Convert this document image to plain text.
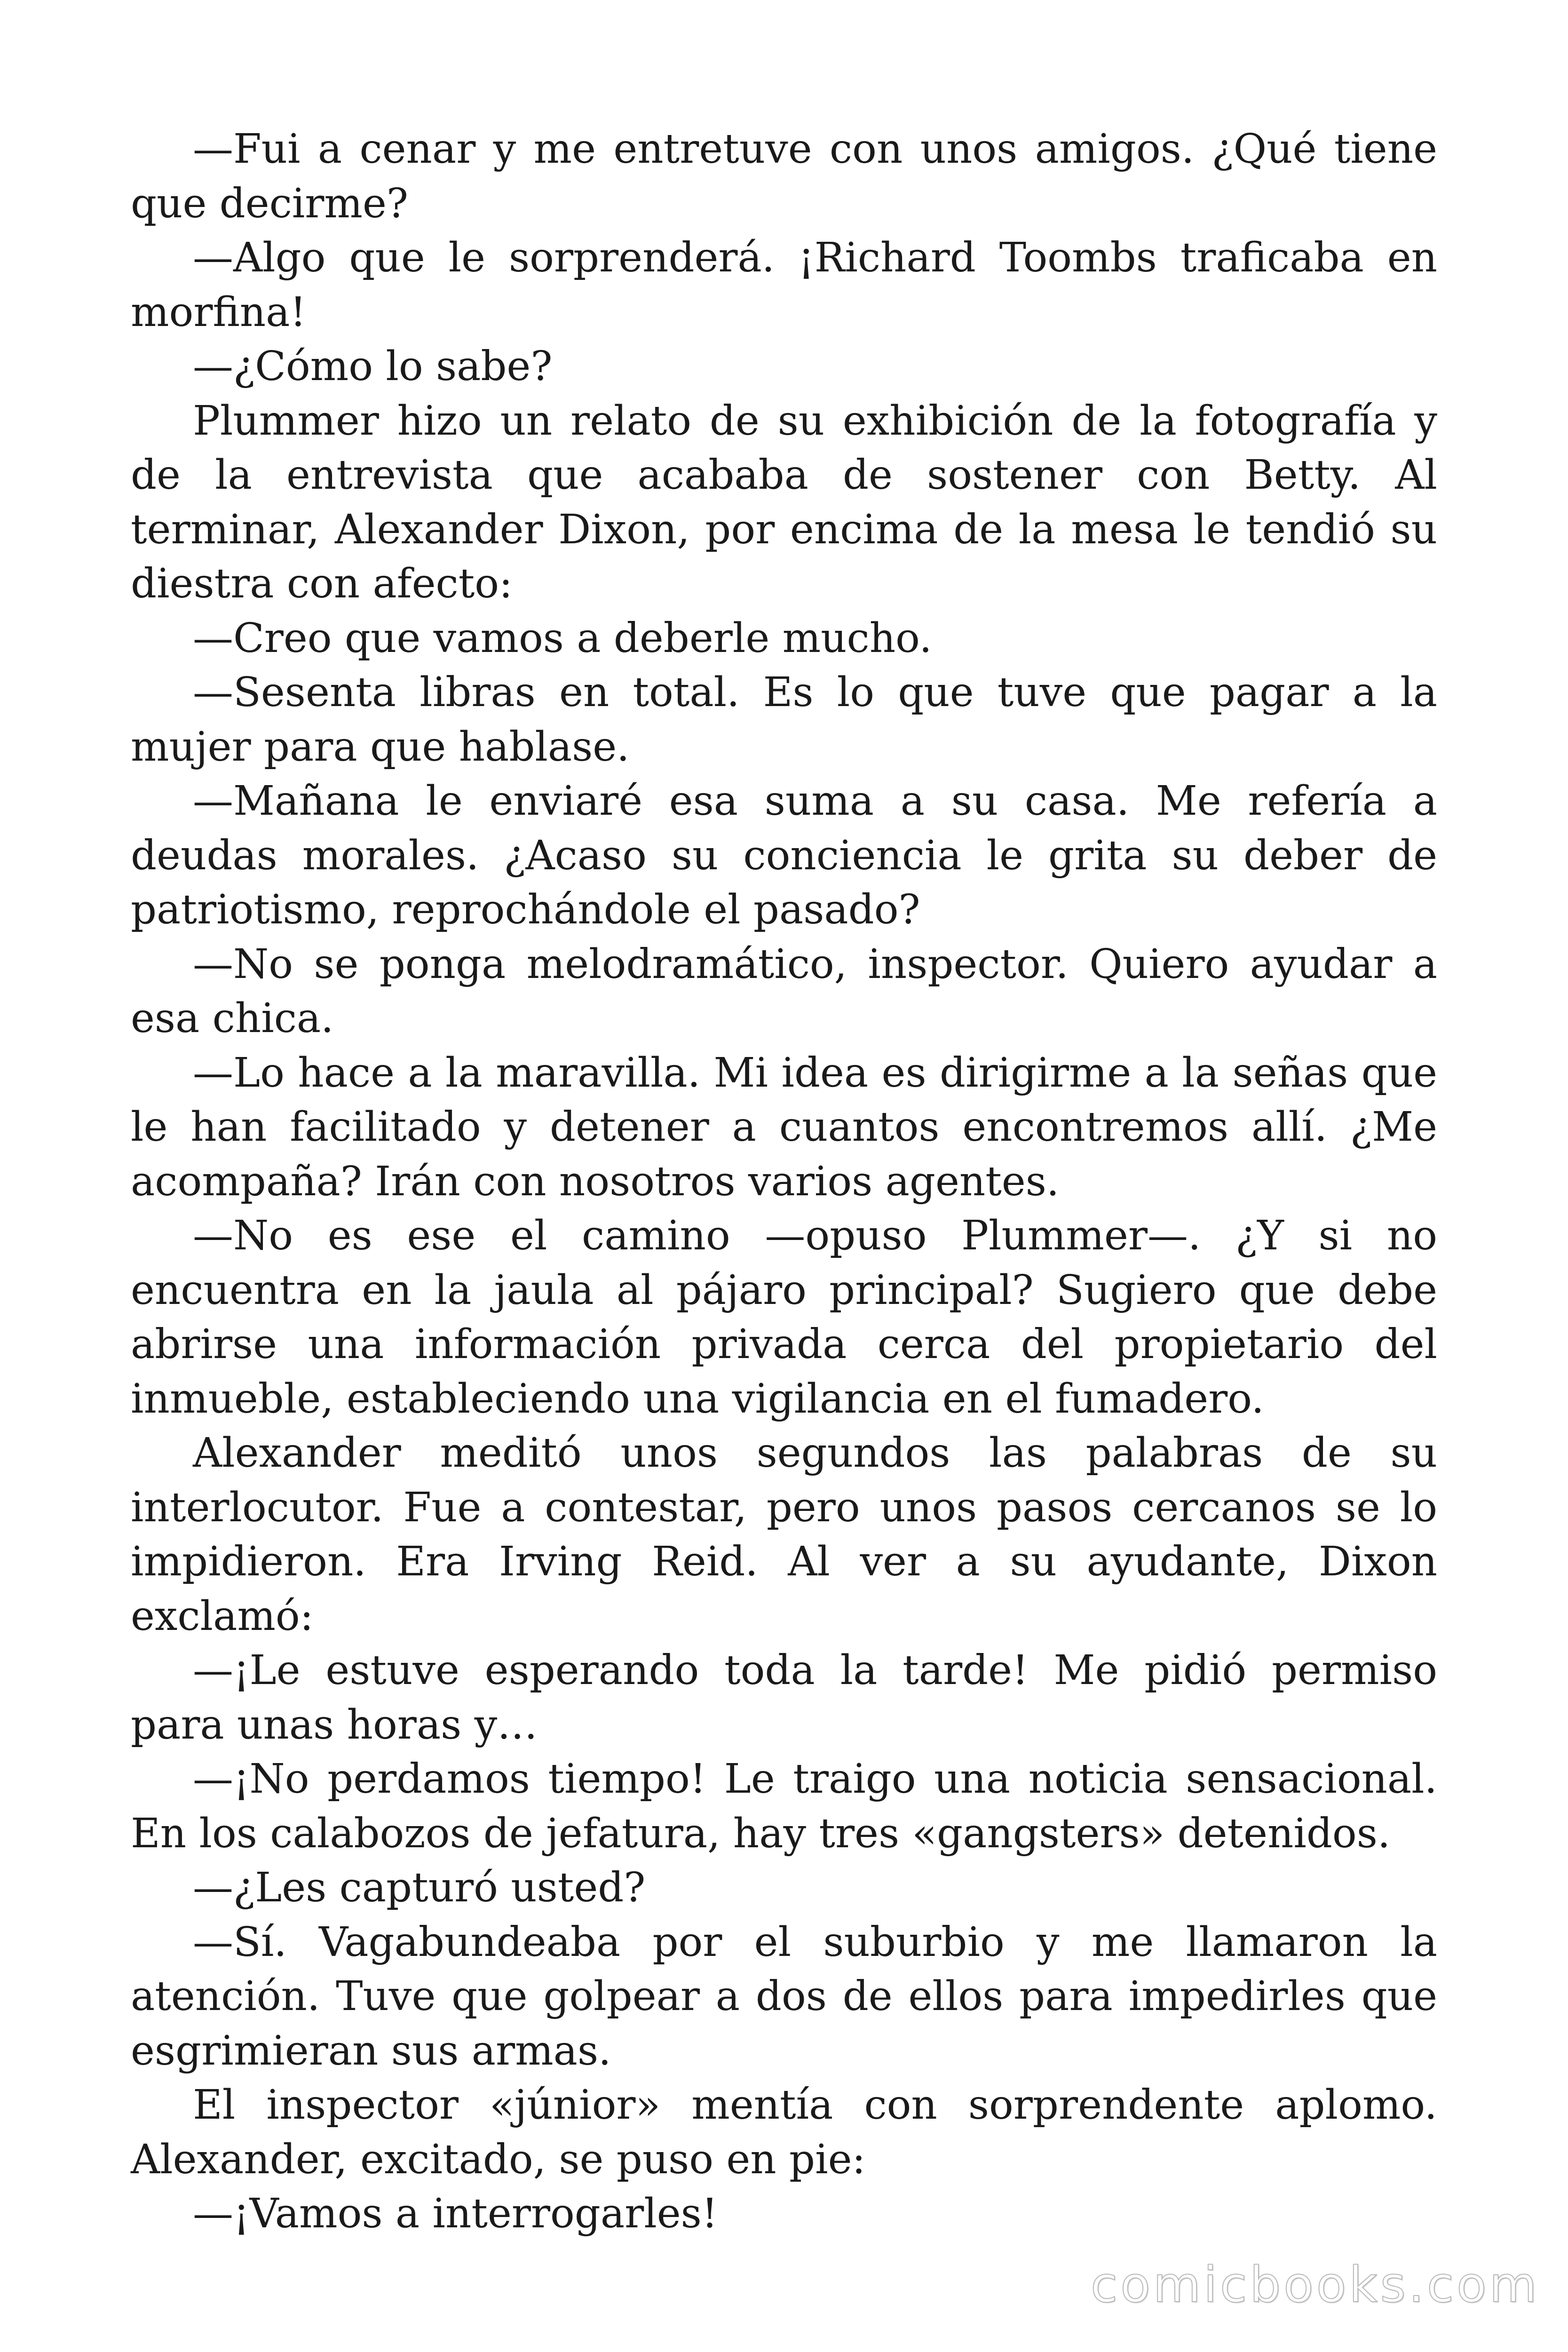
—Fui a cenar y me entretuve con unos amigos. ¿Qué tiene que decirme?

—Algo que le sorprenderá. ¡Richard Toombs traficaba en morfina!

—¿Cómo lo sabe?

Plummer hizo un relato de su exhibición de la fotografía y de la entrevista que acababa de sostener con Betty. Al terminar, Alexander Dixon, por encima de la mesa le tendió su diestra con afecto:

—Creo que vamos a deberle mucho.

—Sesenta libras en total. Es lo que tuve que pagar a la mujer para que hablase.

—Mañana le enviaré esa suma a su casa. Me refería a deudas morales. ¿Acaso su conciencia le grita su deber de patriotismo, reprochándole el pasado?

—No se ponga melodramático, inspector. Quiero ayudar a esa chica.

—Lo hace a la maravilla. Mi idea es dirigirme a la señas que le han facilitado y detener a cuantos encontremos allí. ¿Me acompaña? Irán con nosotros varios agentes.

—No es ese el camino —opuso Plummer—. ¿Y si no encuentra en la jaula al pájaro principal? Sugiero que debe abrirse una información privada cerca del propietario del inmueble, estableciendo una vigilancia en el fumadero.

Alexander meditó unos segundos las palabras de su interlocutor. Fue a contestar, pero unos pasos cercanos se lo impidieron. Era Irving Reid. Al ver a su ayudante, Dixon exclamó:

—¡Le estuve esperando toda la tarde! Me pidió permiso para unas horas y…

—¡No perdamos tiempo! Le traigo una noticia sensacional. En los calabozos de jefatura, hay tres «gangsters» detenidos.

—¿Les capturó usted?

—Sí. Vagabundeaba por el suburbio y me llamaron la atención. Tuve que golpear a dos de ellos para impedirles que esgrimieran sus armas.

El inspector «júnior» mentía con sorprendente aplomo. Alexander, excitado, se puso en pie:

—¡Vamos a interrogarles!

comicbooks.com
